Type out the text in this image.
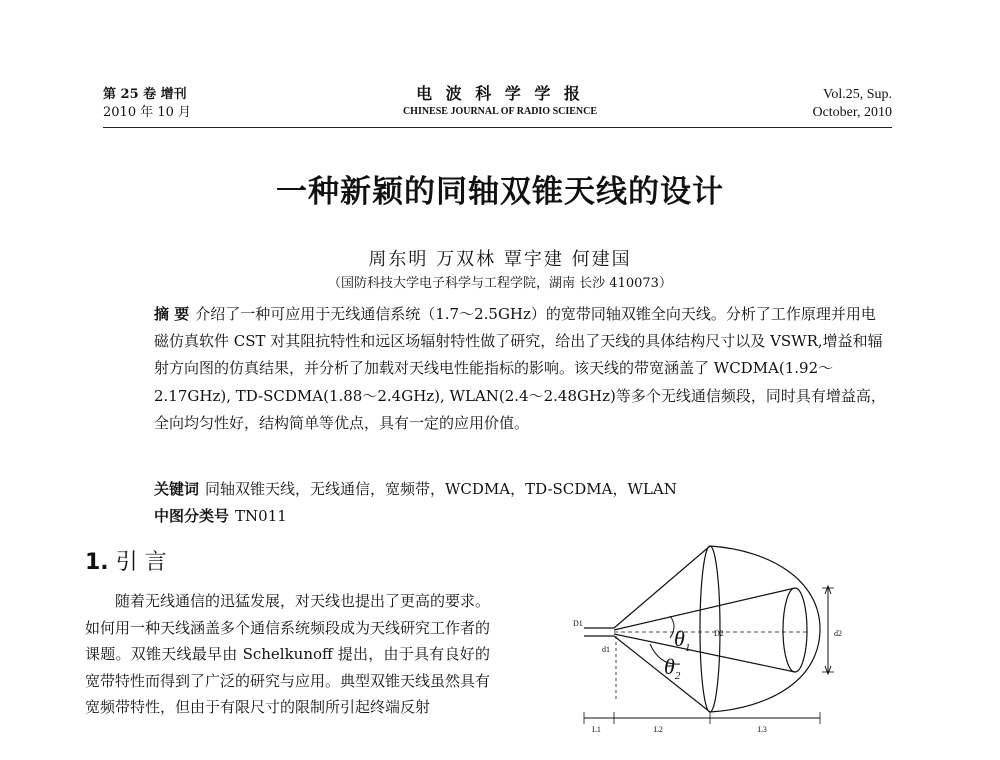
第 25 卷 增刊
2010 年 10 月
电 波 科 学 学 报
CHINESE JOURNAL OF RADIO SCIENCE
Vol.25, Sup.
October, 2010
一种新颖的同轴双锥天线的设计
周东明 万双林 覃宇建 何建国
（国防科技大学电子科学与工程学院，湖南 长沙 410073）
摘 要 介绍了一种可应用于无线通信系统（1.7～2.5GHz）的宽带同轴双锥全向天线。分析了工作原理并用电磁仿真软件 CST 对其阻抗特性和远区场辐射特性做了研究，给出了天线的具体结构尺寸以及 VSWR,增益和辐射方向图的仿真结果，并分析了加载对天线电性能指标的影响。该天线的带宽涵盖了 WCDMA(1.92～2.17GHz), TD-SCDMA(1.88～2.4GHz), WLAN(2.4～2.48GHz)等多个无线通信频段，同时具有增益高，全向均匀性好，结构简单等优点，具有一定的应用价值。
关键词 同轴双锥天线，无线通信，宽频带，WCDMA，TD-SCDMA，WLAN
中图分类号 TN011
1. 引 言

随着无线通信的迅猛发展，对天线也提出了更高的要求。如何用一种天线涵盖多个通信系统频段成为天线研究工作者的课题。双锥天线最早由 Schelkunoff 提出，由于具有良好的宽带特性而得到了广泛的研究与应用。典型双锥天线虽然具有宽频带特性，但由于有限尺寸的限制所引起终端反射

D1
d1
D2	d2
L1	L2	L3
$\theta_1$
$\theta_2$
